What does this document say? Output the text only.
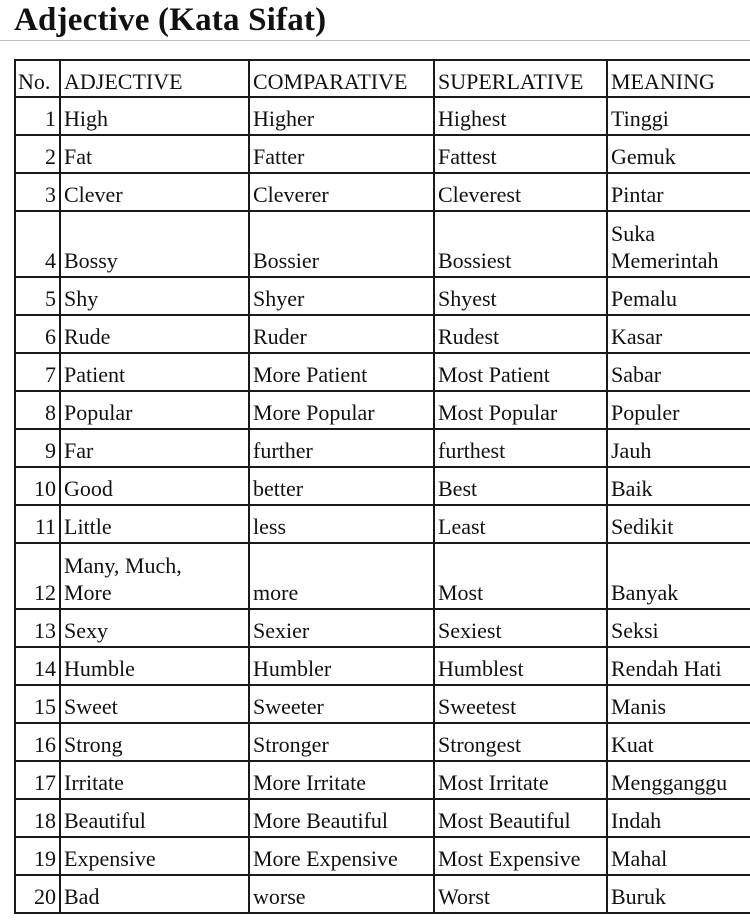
Adjective (Kata Sifat)
No.	ADJECTIVE	COMPARATIVE	SUPERLATIVE	MEANING
1	High	Higher	Highest	Tinggi
2	Fat	Fatter	Fattest	Gemuk
3	Clever	Cleverer	Cleverest	Pintar
4	Bossy	Bossier	Bossiest	Suka Memerintah
5	Shy	Shyer	Shyest	Pemalu
6	Rude	Ruder	Rudest	Kasar
7	Patient	More Patient	Most Patient	Sabar
8	Popular	More Popular	Most Popular	Populer
9	Far	further	furthest	Jauh
10	Good	better	Best	Baik
11	Little	less	Least	Sedikit
12	Many, Much, More	more	Most	Banyak
13	Sexy	Sexier	Sexiest	Seksi
14	Humble	Humbler	Humblest	Rendah Hati
15	Sweet	Sweeter	Sweetest	Manis
16	Strong	Stronger	Strongest	Kuat
17	Irritate	More Irritate	Most Irritate	Mengganggu
18	Beautiful	More Beautiful	Most Beautiful	Indah
19	Expensive	More Expensive	Most Expensive	Mahal
20	Bad	worse	Worst	Buruk
